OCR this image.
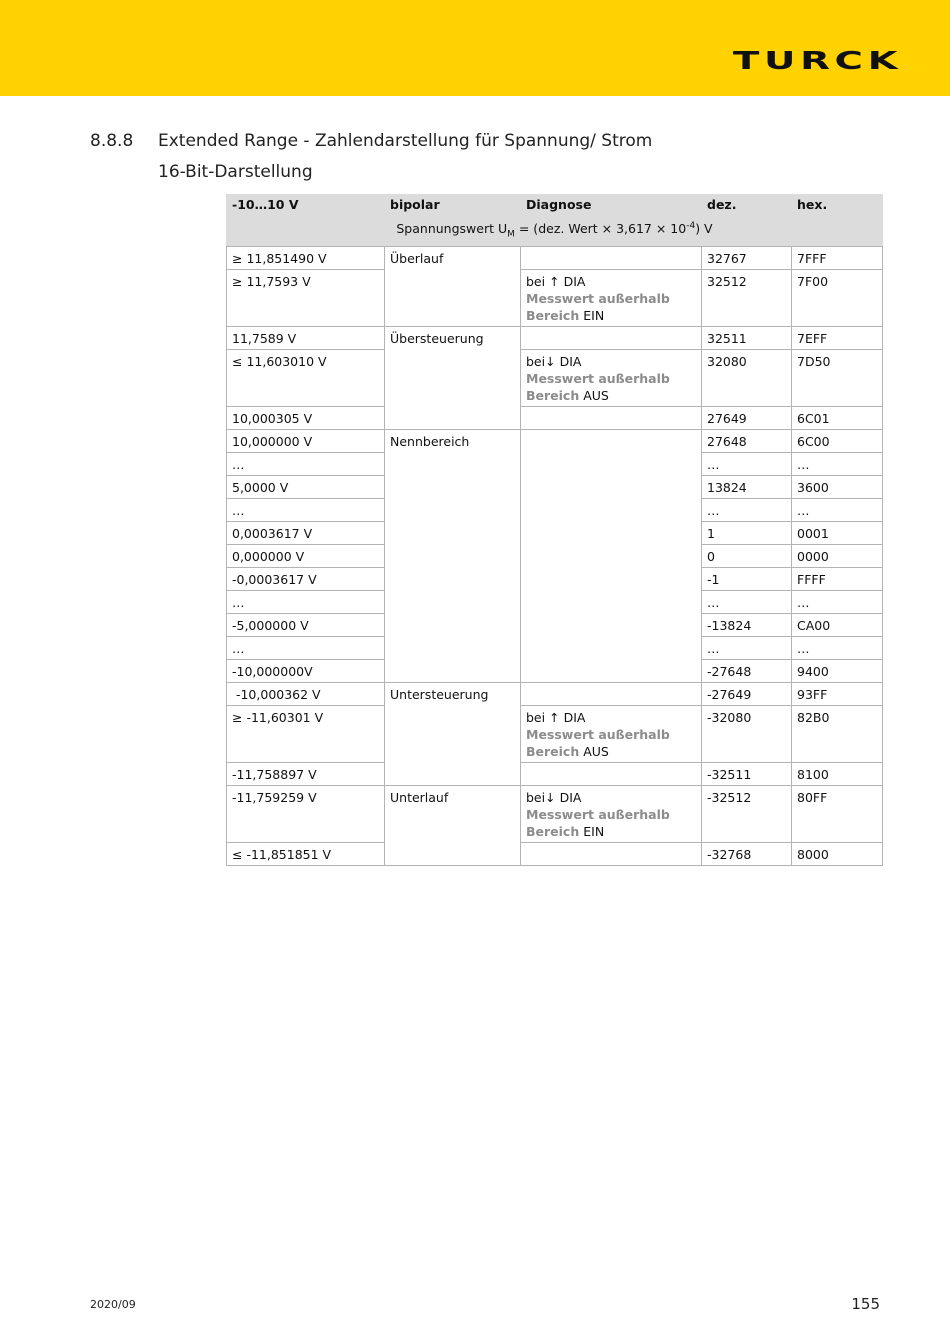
TURCK
8.8.8 Extended Range - Zahlendarstellung für Spannung/ Strom
16-Bit-Darstellung
-10…10 V	bipolar	Diagnose	dez.	hex.
Spannungswert $U_M = (dez$. Wert × $3,617 \times 10^{-4}$) V				
≥ 11,851490 V	Überlauf		32767	7FFF
≥ 11,7593 V		bei ↑ DIA
Messwert außerhalb
Bereich EIN	32512	7F00
11,7589 V	Übersteuerung		32511	7EFF
≤ 11,603010 V		bei↓ DIA
Messwert außerhalb
Bereich AUS	32080	7D50
10,000305 V			27649	6C01
10,000000 V	Nennbereich		27648	6C00
…			…	…
5,0000 V			13824	3600
…			…	…
0,0003617 V			1	0001
0,000000 V			0	0000
-0,0003617 V			-1	FFFF
…			…	…
-5,000000 V			-13824	CA00
…			…	…
-10,000000V			-27648	9400
-10,000362 V	Untersteuerung		-27649	93FF
≥ -11,60301 V		bei ↑ DIA
Messwert außerhalb
Bereich AUS	-32080	82B0
-11,758897 V			-32511	8100
-11,759259 V	Unterlauf	bei↓ DIA
Messwert außerhalb
Bereich EIN	-32512	80FF
≤ -11,851851 V			-32768	8000
2020/09	155
